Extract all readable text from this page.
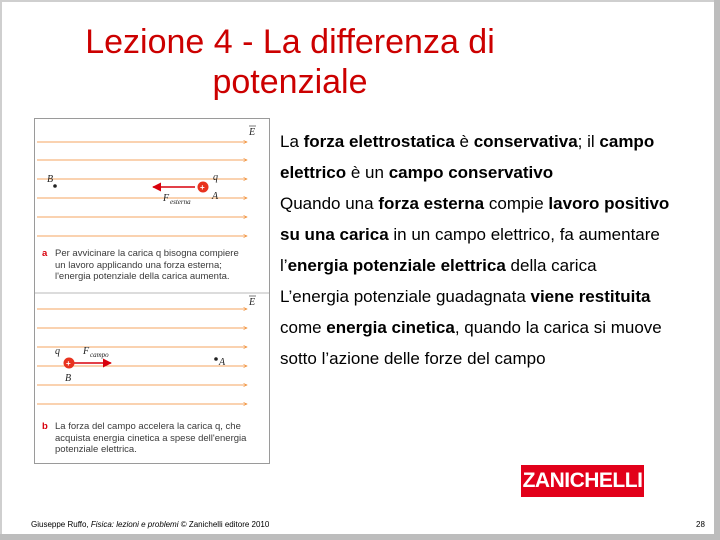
Lezione 4 - La differenza di
potenziale
E
B
+
q
A
F esterna
E
+
q
B
F campo
A
a Per avvicinare la carica q bisogna compiere un lavoro applicando una forza esterna; l'energia potenziale della carica aumenta.
b La forza del campo accelera la carica q, che acquista energia cinetica a spese dell'energia potenziale elettrica.

La forza elettrostatica è conservativa; il campo elettrico è un campo conservativo

Quando una forza esterna compie lavoro positivo su una carica in un campo elettrico, fa aumentare l’energia potenziale elettrica della carica

L’energia potenziale guadagnata viene restituita come energia cinetica, quando la carica si muove sotto l’azione delle forze del campo

ZANICHELLI
Giuseppe Ruffo, Fisica: lezioni e problemi © Zanichelli editore 2010	28
